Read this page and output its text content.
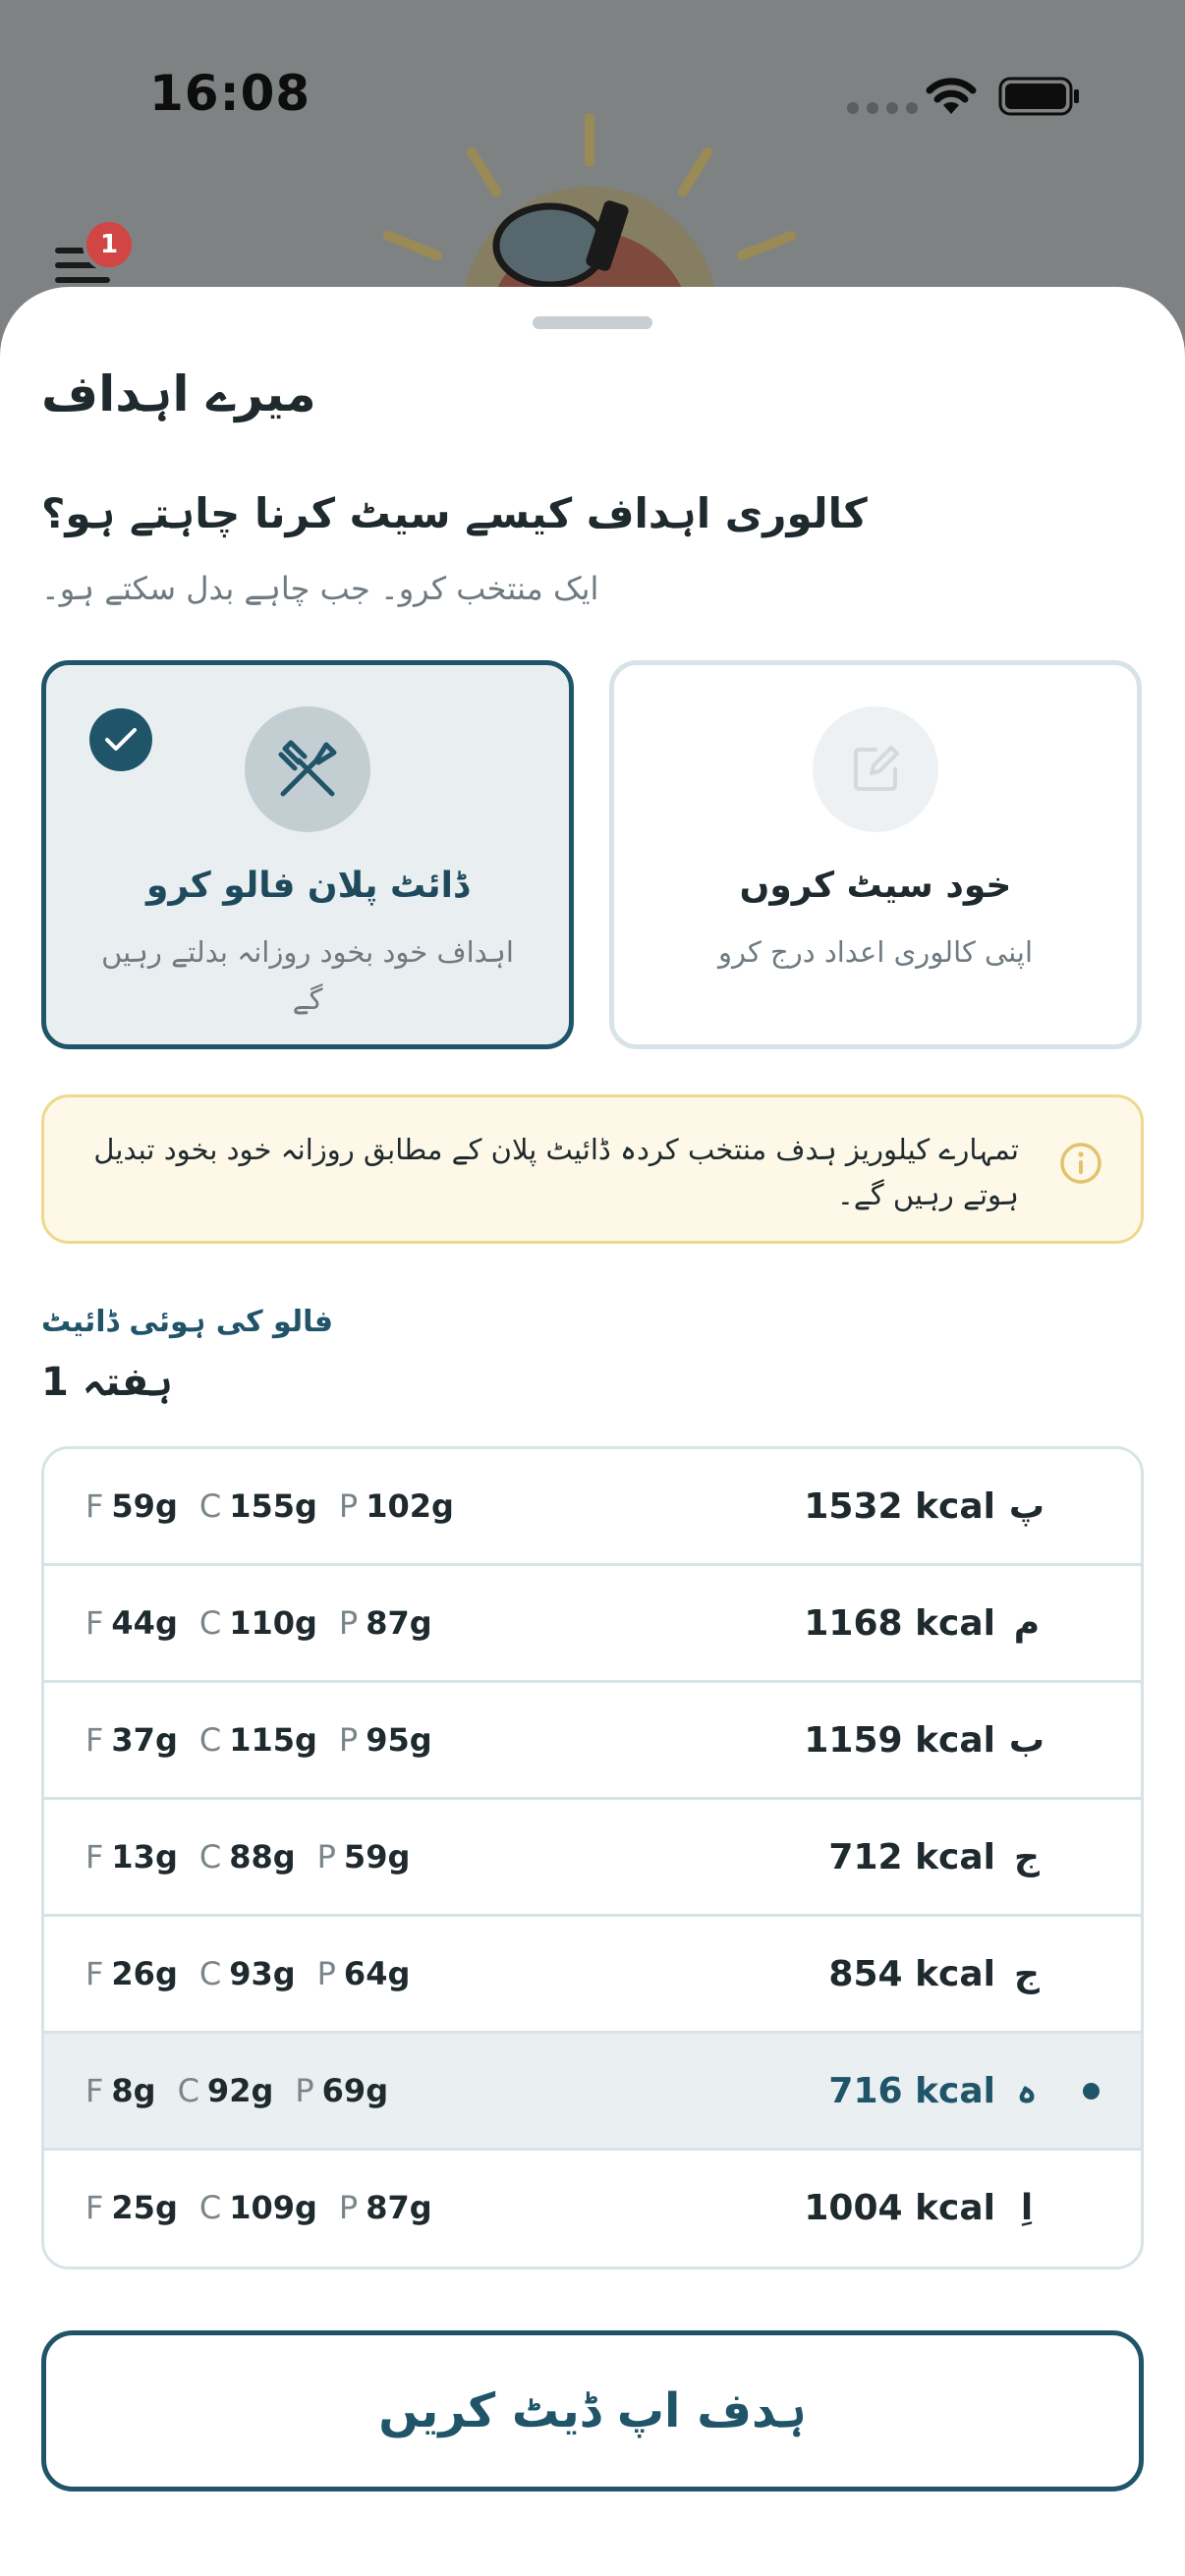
16:08
1
میرے اہداف
کالوری اہداف کیسے سیٹ کرنا چاہتے ہو؟
ایک منتخب کرو۔ جب چاہے بدل سکتے ہو۔
ڈائٹ پلان فالو کرو
اہداف خود بخود روزانہ بدلتے رہیں گے
خود سیٹ کروں
اپنی کالوری اعداد درج کرو
تمہارے کیلوریز ہدف منتخب کردہ ڈائیٹ پلان کے مطابق روزانہ خود بخود تبدیل ہوتے رہیں گے۔
فالو کی ہوئی ڈائیٹ
ہفتہ 1
F 59g C 155g P 102g	1532 kcal پ
F 44g C 110g P 87g	1168 kcal م
F 37g C 115g P 95g	1159 kcal ب
F 13g C 88g P 59g	712 kcal ج
F 26g C 93g P 64g	854 kcal ج
F 8g C 92g P 69g	716 kcal ہ
F 25g C 109g P 87g	1004 kcal اِ
ہدف اپ ڈیٹ کریں
